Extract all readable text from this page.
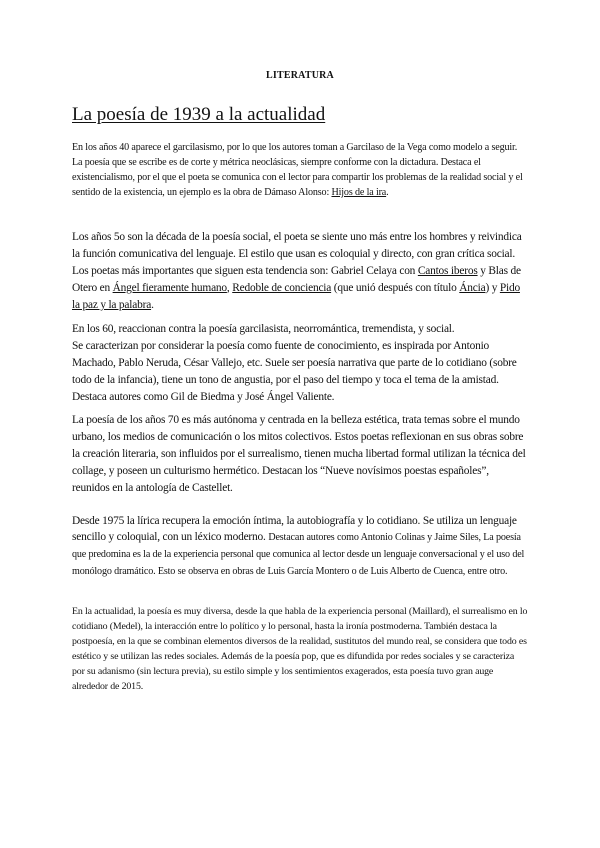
LITERATURA
La poesía de 1939 a la actualidad

En los años 40 aparece el garcilasismo, por lo que los autores toman a Garcilaso de la Vega como modelo a seguir. La poesía que se escribe es de corte y métrica neoclásicas, siempre conforme con la dictadura. Destaca el existencialismo, por el que el poeta se comunica con el lector para compartir los problemas de la realidad social y el sentido de la existencia, un ejemplo es la obra de Dámaso Alonso: Hijos de la ira.

Los años 5o son la década de la poesía social, el poeta se siente uno más entre los hombres y reivindica la función comunicativa del lenguaje. El estilo que usan es coloquial y directo, con gran crítica social. Los poetas más importantes que siguen esta tendencia son: Gabriel Celaya con Cantos iberos y Blas de Otero en Ángel fieramente humano, Redoble de conciencia (que unió después con título Áncia) y Pido la paz y la palabra.

En los 60, reaccionan contra la poesía garcilasista, neorromántica, tremendista, y social.
Se caracterizan por considerar la poesía como fuente de conocimiento, es inspirada por Antonio Machado, Pablo Neruda, César Vallejo, etc. Suele ser poesía narrativa que parte de lo cotidiano (sobre todo de la infancia), tiene un tono de angustia, por el paso del tiempo y toca el tema de la amistad. Destaca autores como Gil de Biedma y José Ángel Valiente.

La poesía de los años 70 es más autónoma y centrada en la belleza estética, trata temas sobre el mundo urbano, los medios de comunicación o los mitos colectivos. Estos poetas reflexionan en sus obras sobre la creación literaria, son influidos por el surrealismo, tienen mucha libertad formal utilizan la técnica del collage, y poseen un culturismo hermético. Destacan los “Nueve novísimos poestas españoles”, reunidos en la antología de Castellet.

Desde 1975 la lírica recupera la emoción íntima, la autobiografía y lo cotidiano. Se utiliza un lenguaje sencillo y coloquial, con un léxico moderno. Destacan autores como Antonio Colinas y Jaime Siles, La poesía que predomina es la de la experiencia personal que comunica al lector desde un lenguaje conversacional y el uso del monólogo dramático. Esto se observa en obras de Luis García Montero o de Luis Alberto de Cuenca, entre otro.

En la actualidad, la poesía es muy diversa, desde la que habla de la experiencia personal (Maillard), el surrealismo en lo cotidiano (Medel), la interacción entre lo político y lo personal, hasta la ironía postmoderna. También destaca la postpoesía, en la que se combinan elementos diversos de la realidad, sustitutos del mundo real, se considera que todo es estético y se utilizan las redes sociales. Además de la poesía pop, que es difundida por redes sociales y se caracteriza por su adanismo (sin lectura previa), su estilo simple y los sentimientos exagerados, esta poesía tuvo gran auge alrededor de 2015.
